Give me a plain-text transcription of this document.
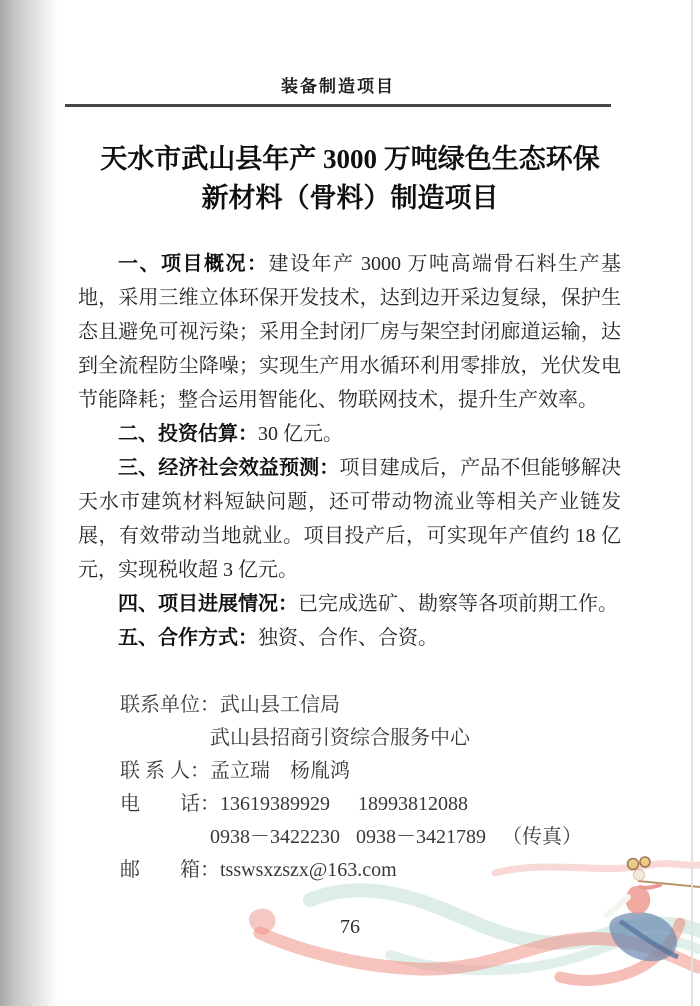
装备制造项目
天水市武山县年产 3000 万吨绿色生态环保
新材料（骨料）制造项目

一、项目概况：建设年产 3000 万吨高端骨石料生产基地，采用三维立体环保开发技术，达到边开采边复绿，保护生态且避免可视污染；采用全封闭厂房与架空封闭廊道运输，达到全流程防尘降噪；实现生产用水循环利用零排放，光伏发电节能降耗；整合运用智能化、物联网技术，提升生产效率。

二、投资估算：30 亿元。

三、经济社会效益预测：项目建成后，产品不但能够解决天水市建筑材料短缺问题，还可带动物流业等相关产业链发展，有效带动当地就业。项目投产后，可实现年产值约 18 亿元，实现税收超 3 亿元。

四、项目进展情况：已完成选矿、勘察等各项前期工作。

五、合作方式：独资、合作、合资。

联系单位： 武山县工信局
武山县招商引资综合服务中心
联 系 人： 孟立瑞　杨胤鸿
电　　话： 13619389929 18993812088
0938－3422230 0938－3421789 （传真）
邮　　箱： tsswsxzszx@163.com
76
